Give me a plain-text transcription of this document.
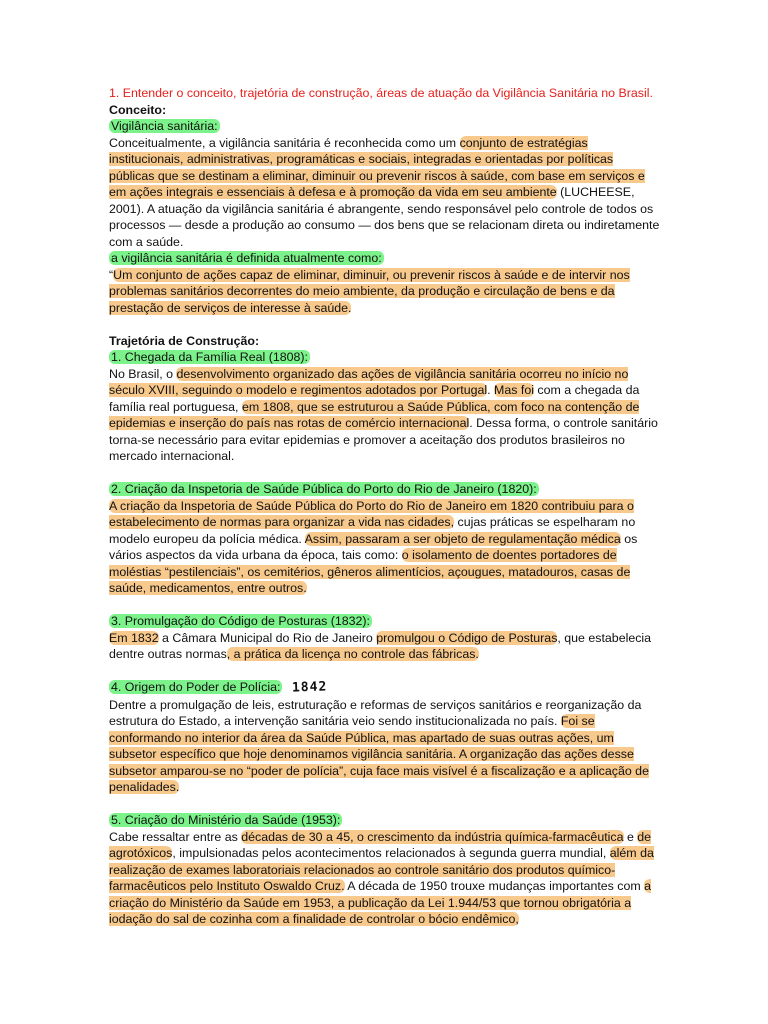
1. Entender o conceito, trajetória de construção, áreas de atuação da Vigilância Sanitária no Brasil.

Conceito:

Vigilância sanitária:

Conceitualmente, a vigilância sanitária é reconhecida como um conjunto de estratégias institucionais, administrativas, programáticas e sociais, integradas e orientadas por políticas públicas que se destinam a eliminar, diminuir ou prevenir riscos à saúde, com base em serviços e em ações integrais e essenciais à defesa e à promoção da vida em seu ambiente (LUCHEESE, 2001). A atuação da vigilância sanitária é abrangente, sendo responsável pelo controle de todos os processos — desde a produção ao consumo — dos bens que se relacionam direta ou indiretamente com a saúde.

a vigilância sanitária é definida atualmente como:

“Um conjunto de ações capaz de eliminar, diminuir, ou prevenir riscos à saúde e de intervir nos problemas sanitários decorrentes do meio ambiente, da produção e circulação de bens e da prestação de serviços de interesse à saúde.

Trajetória de Construção:

1. Chegada da Família Real (1808):

No Brasil, o desenvolvimento organizado das ações de vigilância sanitária ocorreu no início no século XVIII, seguindo o modelo e regimentos adotados por Portugal. Mas foi com a chegada da família real portuguesa, em 1808, que se estruturou a Saúde Pública, com foco na contenção de epidemias e inserção do país nas rotas de comércio internacional. Dessa forma, o controle sanitário torna-se necessário para evitar epidemias e promover a aceitação dos produtos brasileiros no mercado internacional.

2. Criação da Inspetoria de Saúde Pública do Porto do Rio de Janeiro (1820):

A criação da Inspetoria de Saúde Pública do Porto do Rio de Janeiro em 1820 contribuiu para o estabelecimento de normas para organizar a vida nas cidades, cujas práticas se espelharam no modelo europeu da polícia médica. Assim, passaram a ser objeto de regulamentação médica os vários aspectos da vida urbana da época, tais como: o isolamento de doentes portadores de moléstias “pestilenciais”, os cemitérios, gêneros alimentícios, açougues, matadouros, casas de saúde, medicamentos, entre outros.

3. Promulgação do Código de Posturas (1832):

Em 1832 a Câmara Municipal do Rio de Janeiro promulgou o Código de Posturas, que estabelecia dentre outras normas, a prática da licença no controle das fábricas.

4. Origem do Poder de Polícia: 1842

Dentre a promulgação de leis, estruturação e reformas de serviços sanitários e reorganização da estrutura do Estado, a intervenção sanitária veio sendo institucionalizada no país. Foi se conformando no interior da área da Saúde Pública, mas apartado de suas outras ações, um subsetor específico que hoje denominamos vigilância sanitária. A organização das ações desse subsetor amparou-se no “poder de polícia”, cuja face mais visível é a fiscalização e a aplicação de penalidades.

5. Criação do Ministério da Saúde (1953):

Cabe ressaltar entre as décadas de 30 a 45, o crescimento da indústria química-farmacêutica e de agrotóxicos, impulsionadas pelos acontecimentos relacionados à segunda guerra mundial, além da realização de exames laboratoriais relacionados ao controle sanitário dos produtos químico- farmacêuticos pelo Instituto Oswaldo Cruz. A década de 1950 trouxe mudanças importantes com a criação do Ministério da Saúde em 1953, a publicação da Lei 1.944/53 que tornou obrigatória a iodação do sal de cozinha com a finalidade de controlar o bócio endêmico,
